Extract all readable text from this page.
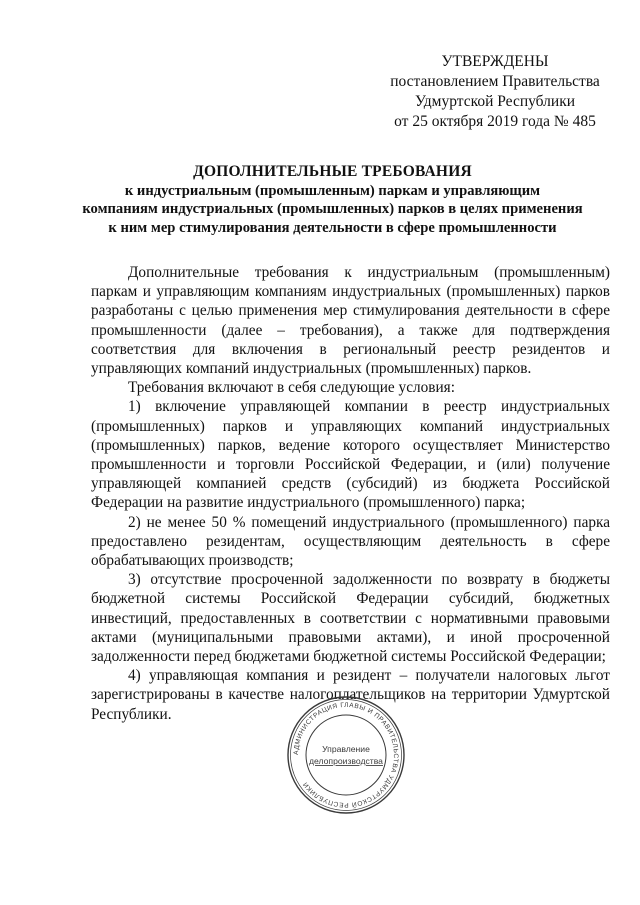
УТВЕРЖДЕНЫ
постановлением Правительства
Удмуртской Республики
от 25 октября 2019 года № 485
ДОПОЛНИТЕЛЬНЫЕ ТРЕБОВАНИЯ
к индустриальным (промышленным) паркам и управляющим
компаниям индустриальных (промышленных) парков в целях применения
к ним мер стимулирования деятельности в сфере промышленности

Дополнительные требования к индустриальным (промышленным) паркам и управляющим компаниям индустриальных (промышленных) парков разработаны с целью применения мер стимулирования деятельности в сфере промышленности (далее – требования), а также для подтверждения соответствия для включения в региональный реестр резидентов и управляющих компаний индустриальных (промышленных) парков.

Требования включают в себя следующие условия:

1) включение управляющей компании в реестр индустриальных (промышленных) парков и управляющих компаний индустриальных (промышленных) парков, ведение которого осуществляет Министерство промышленности и торговли Российской Федерации, и (или) получение управляющей компанией средств (субсидий) из бюджета Российской Федерации на развитие индустриального (промышленного) парка;

2) не менее 50 % помещений индустриального (промышленного) парка предоставлено резидентам, осуществляющим деятельность в сфере обрабатывающих производств;

3) отсутствие просроченной задолженности по возврату в бюджеты бюджетной системы Российской Федерации субсидий, бюджетных инвестиций, предоставленных в соответствии с нормативными правовыми актами (муниципальными правовыми актами), и иной просроченной задолженности перед бюджетами бюджетной системы Российской Федерации;

4) управляющая компания и резидент – получатели налоговых льгот зарегистрированы в качестве налогоплательщиков на территории Удмуртской Республики.

АДМИНИСТРАЦИЯ ГЛАВЫ И ПРАВИТЕЛЬСТВА УДМУРТСКОЙ РЕСПУБЛИКИ
Управление
делопроизводства
